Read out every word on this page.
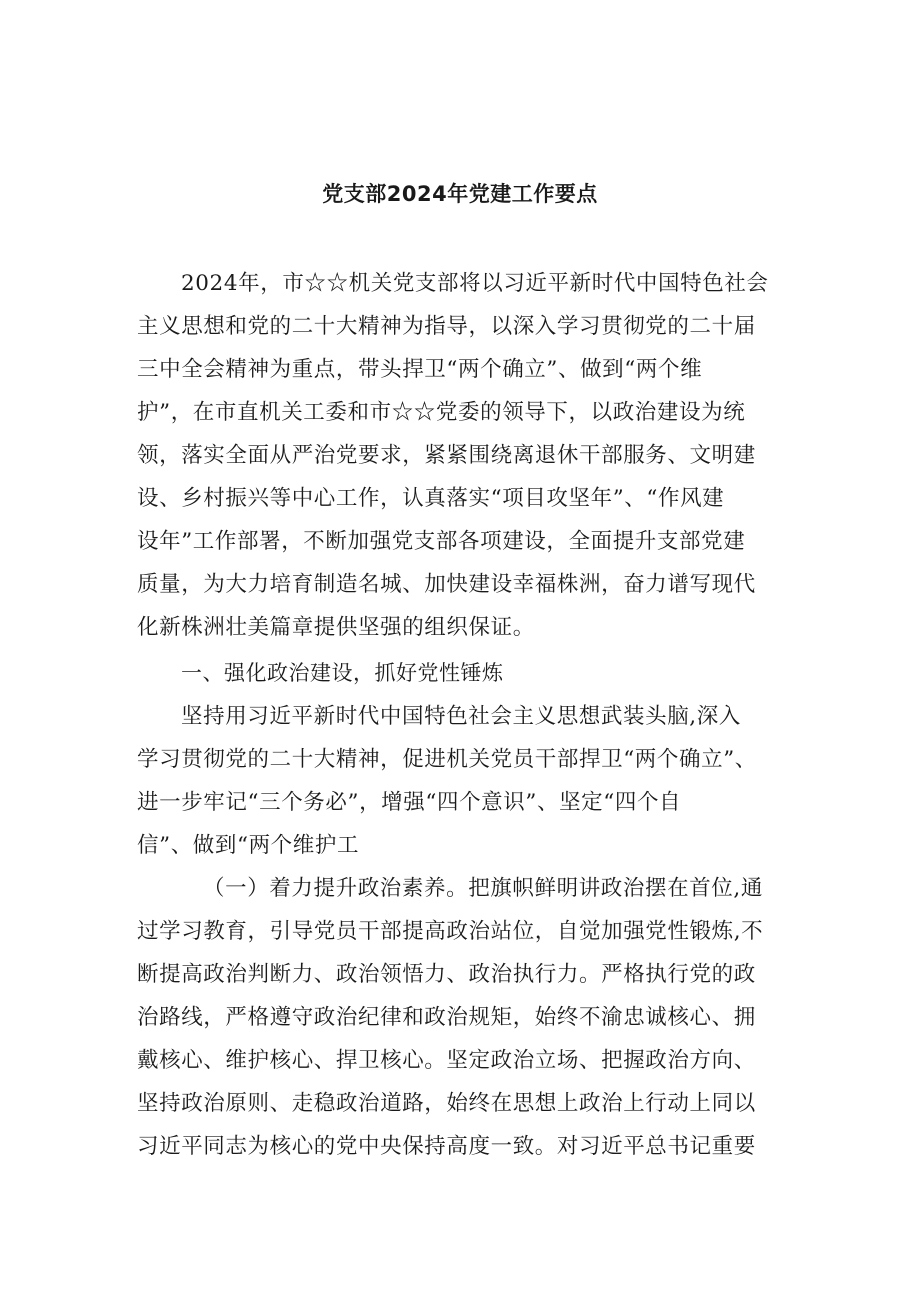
党支部2024年党建工作要点
2024年，市☆☆机关党支部将以习近平新时代中国特色社会
主义思想和党的二十大精神为指导，以深入学习贯彻党的二十届
三中全会精神为重点，带头捍卫“两个确立”、做到“两个维
护”，在市直机关工委和市☆☆党委的领导下，以政治建设为统
领，落实全面从严治党要求，紧紧围绕离退休干部服务、文明建
设、乡村振兴等中心工作，认真落实“项目攻坚年”、“作风建
设年”工作部署，不断加强党支部各项建设，全面提升支部党建
质量，为大力培育制造名城、加快建设幸福株洲，奋力谱写现代
化新株洲壮美篇章提供坚强的组织保证。
一、强化政治建设，抓好党性锤炼
坚持用习近平新时代中国特色社会主义思想武装头脑,深入
学习贯彻党的二十大精神，促进机关党员干部捍卫“两个确立”、
进一步牢记“三个务必”，增强“四个意识”、坚定“四个自
信”、做到“两个维护工
（一）着力提升政治素养。把旗帜鲜明讲政治摆在首位,通
过学习教育，引导党员干部提高政治站位，自觉加强党性锻炼,不
断提高政治判断力、政治领悟力、政治执行力。严格执行党的政
治路线，严格遵守政治纪律和政治规矩，始终不渝忠诚核心、拥
戴核心、维护核心、捍卫核心。坚定政治立场、把握政治方向、
坚持政治原则、走稳政治道路，始终在思想上政治上行动上同以
习近平同志为核心的党中央保持高度一致。对习近平总书记重要
